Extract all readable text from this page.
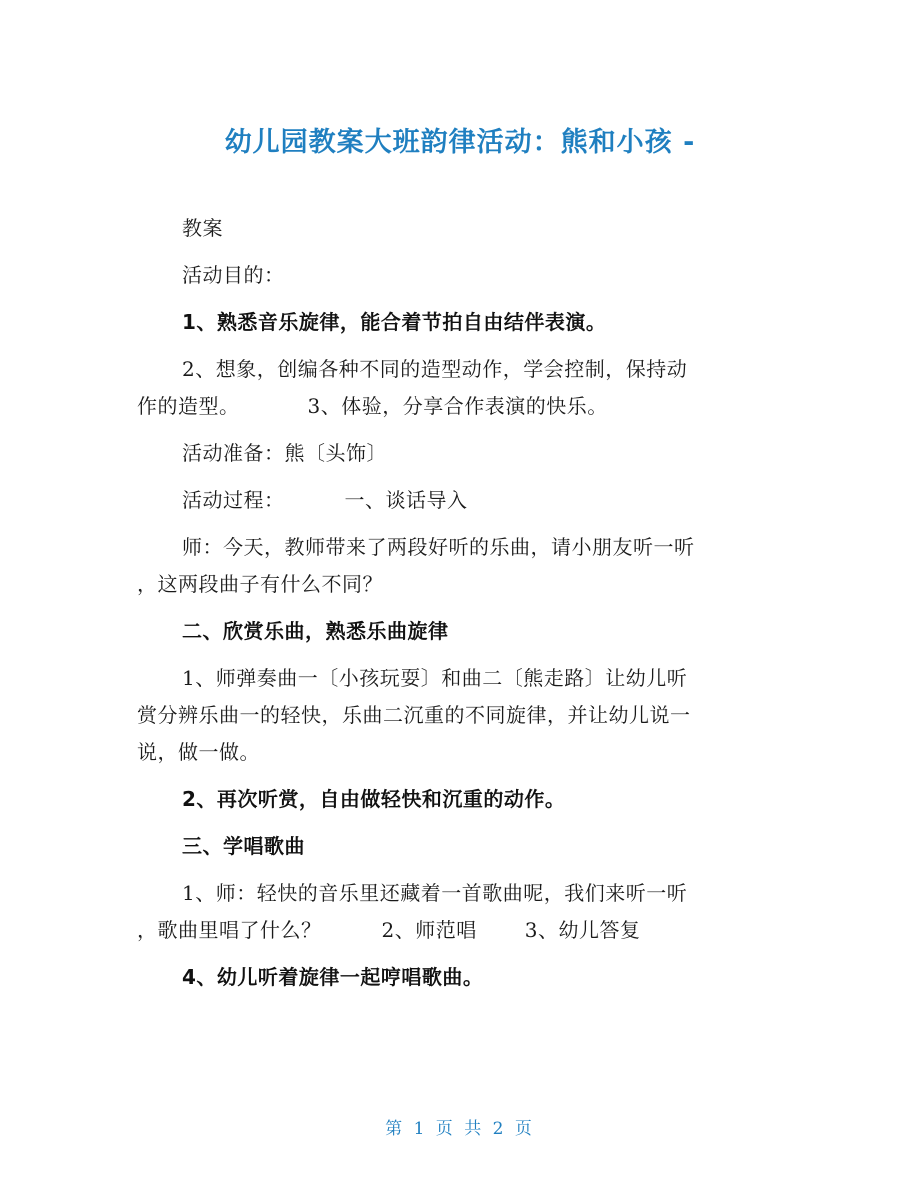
幼儿园教案大班韵律活动：熊和小孩 -
教案
活动目的：
1、熟悉音乐旋律，能合着节拍自由结伴表演。
2、想象，创编各种不同的造型动作，学会控制，保持动
作的造型。	3、体验，分享合作表演的快乐。
活动准备：熊〔头饰〕
活动过程：	一、谈话导入
师：今天，教师带来了两段好听的乐曲，请小朋友听一听
，这两段曲子有什么不同？
二、欣赏乐曲，熟悉乐曲旋律
1、师弹奏曲一〔小孩玩耍〕和曲二〔熊走路〕让幼儿听
赏分辨乐曲一的轻快，乐曲二沉重的不同旋律，并让幼儿说一
说，做一做。
2、再次听赏，自由做轻快和沉重的动作。
三、学唱歌曲
1、师：轻快的音乐里还藏着一首歌曲呢，我们来听一听
，歌曲里唱了什么？	2、师范唱 3、幼儿答复
4、幼儿听着旋律一起哼唱歌曲。
第 1 页 共 2 页
